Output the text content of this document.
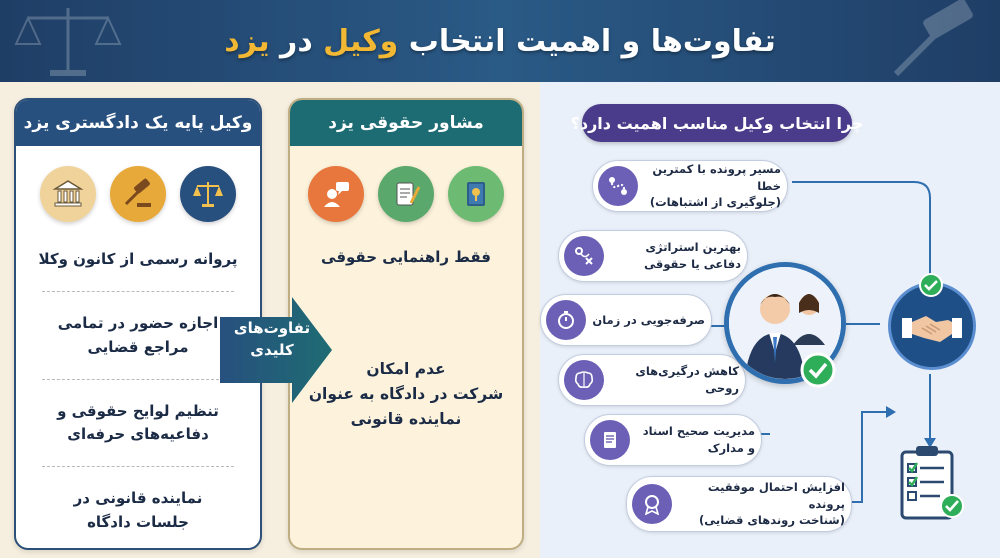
تفاوت‌ها و اهمیت انتخاب وکیل در یزد
وکیل پایه یک دادگستری یزد
پروانه رسمی از کانون وکلا
اجازه حضور در تمامی
مراجع قضایی
تنظیم لوایح حقوقی و
دفاعیه‌های حرفه‌ای
نماینده قانونی در
جلسات دادگاه
مشاور حقوقی یزد
فقط راهنمایی حقوقی
عدم امکان
شرکت در دادگاه به عنوان
نماینده قانونی
تفاوت‌های
کلیدی
چرا انتخاب وکیل مناسب اهمیت دارد؟
مسیر پرونده با کمترین خطا
(جلوگیری از اشتباهات)
بهترین استراتژی
دفاعی یا حقوقی
صرفه‌جویی در زمان
کاهش درگیری‌های
روحی
مدیریت صحیح اسناد
و مدارک
افزایش احتمال موفقیت پرونده
(شناخت روندهای قضایی)
